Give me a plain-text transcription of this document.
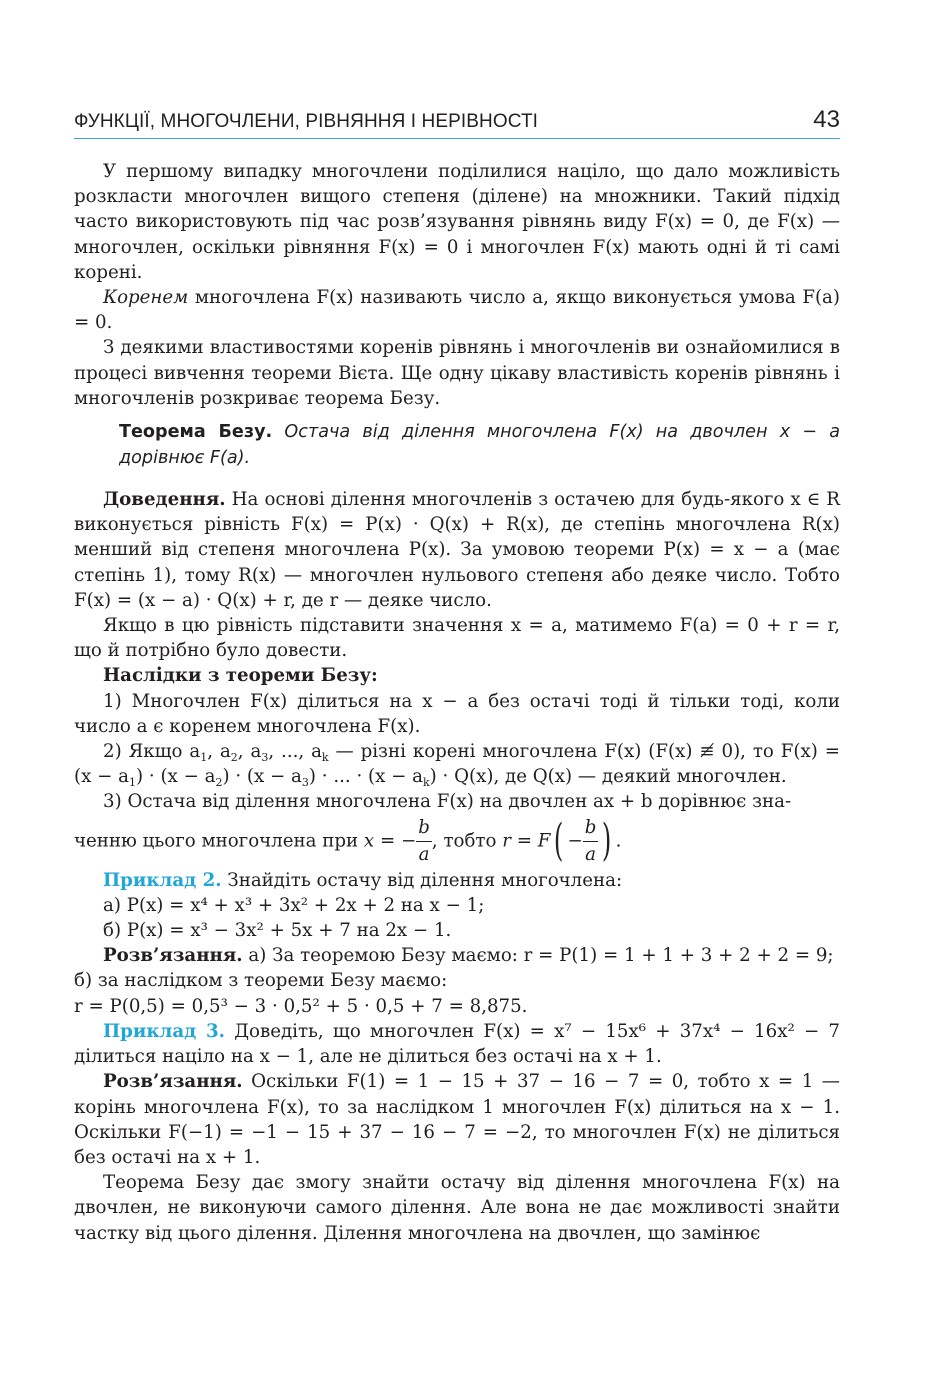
ФУНКЦІЇ, МНОГОЧЛЕНИ, РІВНЯННЯ І НЕРІВНОСТІ	43

У першому випадку многочлени поділилися націло, що дало можливість розкласти многочлен вищого степеня (ділене) на множники. Такий підхід часто використовують під час розв’язування рівнянь виду F(x) = 0, де F(x) — многочлен, оскільки рівняння F(x) = 0 і многочлен F(x) мають одні й ті самі корені.

Коренем многочлена F(x) називають число a, якщо виконується умова F(a) = 0.

З деякими властивостями коренів рівнянь і многочленів ви ознайомилися в процесі вивчення теореми Вієта. Ще одну цікаву властивість коренів рівнянь і многочленів розкриває теорема Безу.

Теорема Безу. Остача від ділення многочлена F(x) на двочлен x − a дорівнює F(a).

Доведення. На основі ділення многочленів з остачею для будь-якого x ∈ R виконується рівність F(x) = P(x) · Q(x) + R(x), де степінь многочлена R(x) менший від степеня многочлена P(x). За умовою теореми P(x) = x − a (має степінь 1), тому R(x) — многочлен нульового степеня або деяке число. Тобто F(x) = (x − a) · Q(x) + r, де r — деяке число.

Якщо в цю рівність підставити значення x = a, матимемо F(a) = 0 + r = r, що й потрібно було довести.

Наслідки з теореми Безу:

1) Многочлен F(x) ділиться на x − a без остачі тоді й тільки тоді, коли число a є коренем многочлена F(x).

2) Якщо $a_1$, $a_2$, $a_3$, ..., $a_k$ — різні корені многочлена F(x) (F(x) ≢ 0), то $F(x) = (x - a_1) \cdot (x - a_2) \cdot (x - a_3)$ · ... · $(x - a_k) \cdot Q(x)$, де Q(x) — деякий многочлен.

3) Остача від ділення многочлена F(x) на двочлен ax + b дорівнює зна-

ченню цього многочлена при x = − $\frac{b}{a}$ , тобто $r = F( - \frac{b}{a}$ ) .

Приклад 2. Знайдіть остачу від ділення многочлена:

а) P(x) = x⁴ + x³ + 3x² + 2x + 2 на x − 1;

б) P(x) = x³ − 3x² + 5x + 7 на 2x − 1.

Розв’язання. а) За теоремою Безу маємо: r = P(1) = 1 + 1 + 3 + 2 + 2 = 9;

б) за наслідком з теореми Безу маємо:

r = P(0,5) = 0,5³ − 3 · 0,5² + 5 · 0,5 + 7 = 8,875.

Приклад 3. Доведіть, що многочлен F(x) = x⁷ − 15x⁶ + 37x⁴ − 16x² − 7 ділиться націло на x − 1, але не ділиться без остачі на x + 1.

Розв’язання. Оскільки F(1) = 1 − 15 + 37 − 16 − 7 = 0, тобто x = 1 — корінь многочлена F(x), то за наслідком 1 многочлен F(x) ділиться на x − 1. Оскільки F(−1) = −1 − 15 + 37 − 16 − 7 = −2, то многочлен F(x) не ділиться без остачі на x + 1.

Теорема Безу дає змогу знайти остачу від ділення многочлена F(x) на двочлен, не виконуючи самого ділення. Але вона не дає можливості знайти частку від цього ділення. Ділення многочлена на двочлен, що замінює
